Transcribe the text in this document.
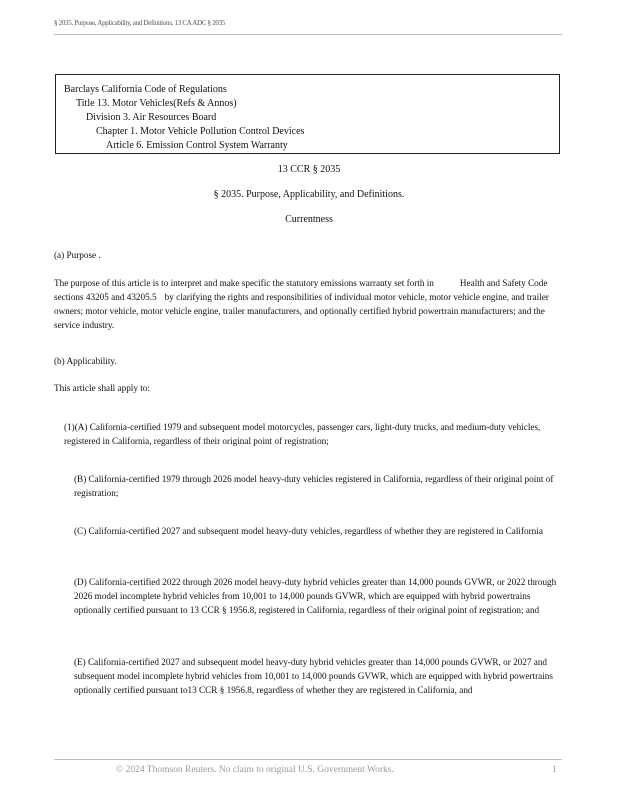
§ 2035. Purpose, Applicability, and Definitions, 13 CA ADC § 2035
Barclays California Code of Regulations
Title 13. Motor Vehicles(Refs & Annos)
Division 3. Air Resources Board
Chapter 1. Motor Vehicle Pollution Control Devices
Article 6. Emission Control System Warranty
13 CCR § 2035
§ 2035. Purpose, Applicability, and Definitions.
Currentness
(a) Purpose .
The purpose of this article is to interpret and make specific the statutory emissions warranty set forth in	Health and Safety Code sections 43205 and 43205.5 by clarifying the rights and responsibilities of individual motor vehicle, motor vehicle engine, and trailer owners; motor vehicle, motor vehicle engine, trailer manufacturers, and optionally certified hybrid powertrain manufacturers; and the service industry.
(b) Applicability.
This article shall apply to:
(1)(A) California-certified 1979 and subsequent model motorcycles, passenger cars, light-duty trucks, and medium-duty vehicles, registered in California, regardless of their original point of registration;
(B) California-certified 1979 through 2026 model heavy-duty vehicles registered in California, regardless of their original point of registration;
(C) California-certified 2027 and subsequent model heavy-duty vehicles, regardless of whether they are registered in California
(D) California-certified 2022 through 2026 model heavy-duty hybrid vehicles greater than 14,000 pounds GVWR, or 2022 through 2026 model incomplete hybrid vehicles from 10,001 to 14,000 pounds GVWR, which are equipped with hybrid powertrains optionally certified pursuant to 13 CCR § 1956.8, registered in California, regardless of their original point of registration; and
(E) California-certified 2027 and subsequent model heavy-duty hybrid vehicles greater than 14,000 pounds GVWR, or 2027 and subsequent model incomplete hybrid vehicles from 10,001 to 14,000 pounds GVWR, which are equipped with hybrid powertrains optionally certified pursuant to13 CCR § 1956.8, regardless of whether they are registered in California, and
© 2024 Thomson Reuters. No claim to original U.S. Government Works.	1
